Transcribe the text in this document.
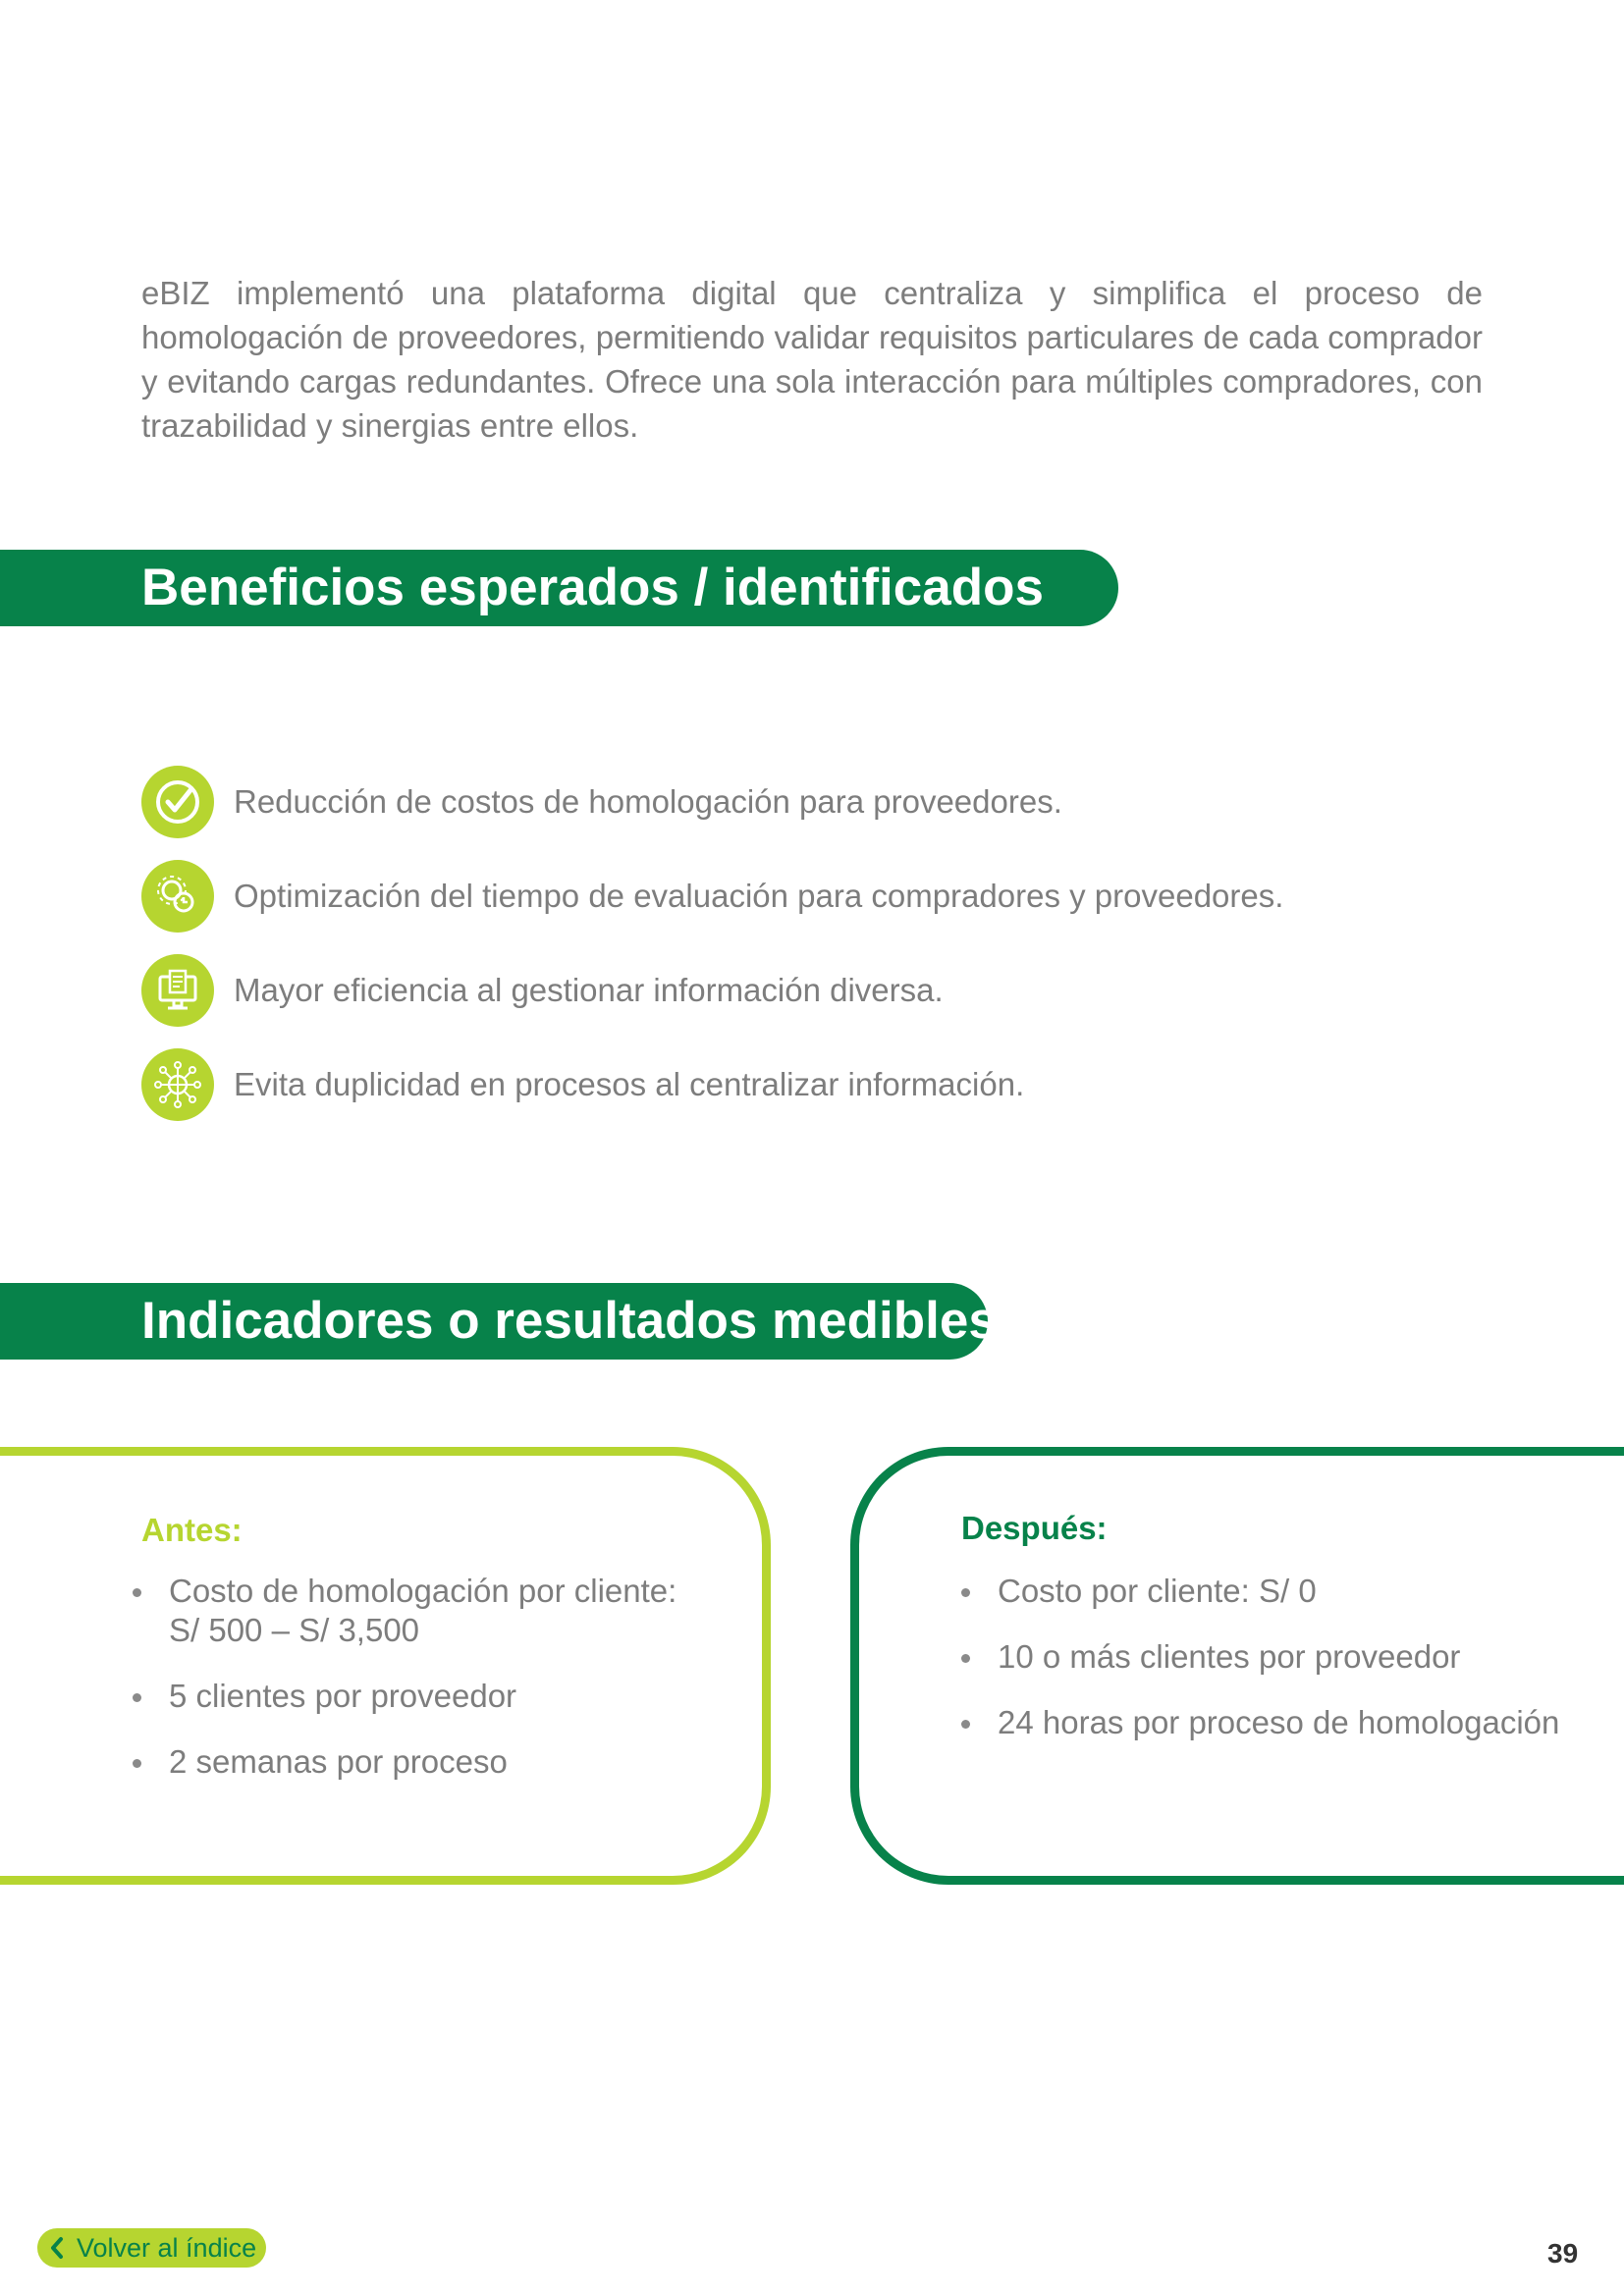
eBIZ implementó una plataforma digital que centraliza y simplifica el proceso de homologación de proveedores, permitiendo validar requisitos particulares de cada comprador y evitando cargas redundantes. Ofrece una sola interacción para múltiples compradores, con trazabilidad y sinergias entre ellos.

Beneficios esperados / identificados
Reducción de costos de homologación para proveedores.
Optimización del tiempo de evaluación para compradores y proveedores.
Mayor eficiencia al gestionar información diversa.
Evita duplicidad en procesos al centralizar información.
Indicadores o resultados medibles
Antes:
Costo de homologación por cliente: S/ 500 – S/ 3,500
5 clientes por proveedor
2 semanas por proceso
Después:
Costo por cliente: S/ 0
10 o más clientes por proveedor
24 horas por proceso de homologación
Volver al índice	39
